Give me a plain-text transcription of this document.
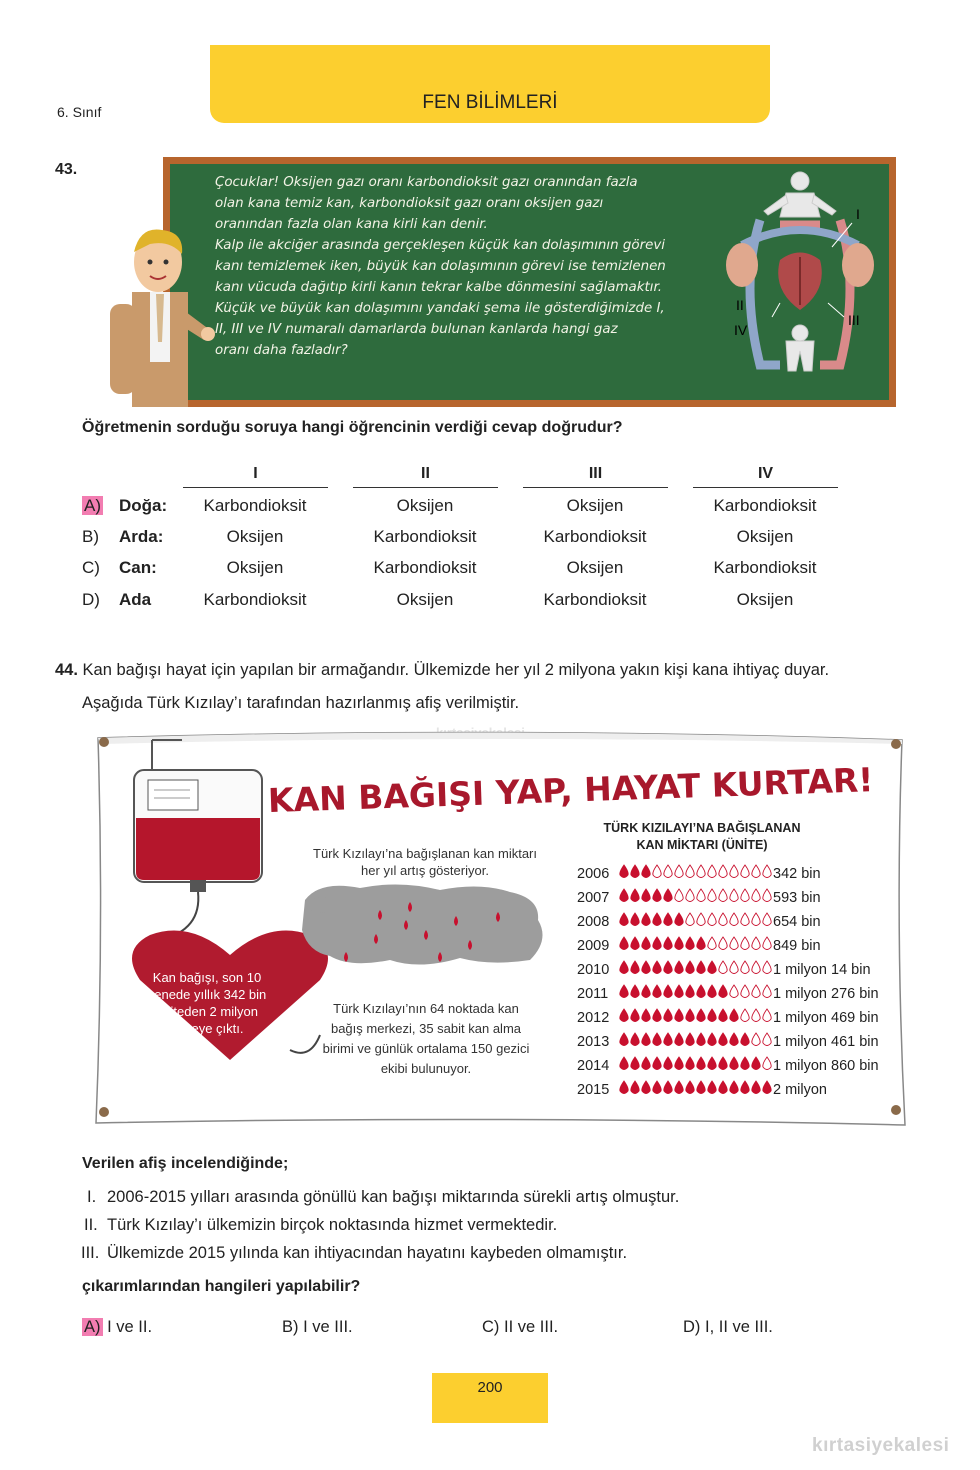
FEN BİLİMLERİ
6. Sınıf
43.
Çocuklar! Oksijen gazı oranı karbondioksit gazı oranından fazla
olan kana temiz kan, karbondioksit gazı oranı oksijen gazı
oranından fazla olan kana kirli kan denir.
Kalp ile akciğer arasında gerçekleşen küçük kan dolaşımının görevi
kanı temizlemek iken, büyük kan dolaşımının görevi ise temizlenen
kanı vücuda dağıtıp kirli kanın tekrar kalbe dönmesini sağlamaktır.
Küçük ve büyük kan dolaşımını yandaki şema ile gösterdiğimizde I,
II, III ve IV numaralı damarlarda bulunan kanlarda hangi gaz
oranı daha fazladır?
I
II
III
IV
Öğretmenin sorduğu soruya hangi öğrencinin verdiği cevap doğrudur?
I	II	III	IV
A) Doğa:	Karbondioksit	Oksijen	Oksijen	Karbondioksit
B) Arda:	Oksijen	Karbondioksit	Karbondioksit	Oksijen
C) Can:	Oksijen	Karbondioksit	Oksijen	Karbondioksit
D) Ada	Karbondioksit	Oksijen	Karbondioksit	Oksijen
44. Kan bağışı hayat için yapılan bir armağandır. Ülkemizde her yıl 2 milyona yakın kişi kana ihtiyaç duyar.
Aşağıda Türk Kızılay’ı tarafından hazırlanmış afiş verilmiştir.
KAN BAĞIŞI YAP, HAYAT KURTAR!
Kan bağışı, son 10
senede yıllık 342 bin
üniteden 2 milyon
üniteye çıktı.
Türk Kızılayı’na bağışlanan kan miktarı
her yıl artış gösteriyor.
Türk Kızılayı’nın 64 noktada kan
bağış merkezi, 35 sabit kan alma
birimi ve günlük ortalama 150 gezici
ekibi bulunuyor.
TÜRK KIZILAYI’NA BAĞIŞLANAN
KAN MİKTARI (ÜNİTE)
2006	342 bin
2007	593 bin
2008	654 bin
2009	849 bin
2010	1 milyon 14 bin
2011	1 milyon 276 bin
2012	1 milyon 469 bin
2013	1 milyon 461 bin
2014	1 milyon 860 bin
2015	2 milyon
Verilen afiş incelendiğinde;
I. 2006-2015 yılları arasında gönüllü kan bağışı miktarında sürekli artış olmuştur.
II. Türk Kızılay’ı ülkemizin birçok noktasında hizmet vermektedir.
III. Ülkemizde 2015 yılında kan ihtiyacından hayatını kaybeden olmamıştır.
çıkarımlarından hangileri yapılabilir?
A) I ve II.	B) I ve III.	C) II ve III.	D) I, II ve III.
200
kırtasiyekalesi
